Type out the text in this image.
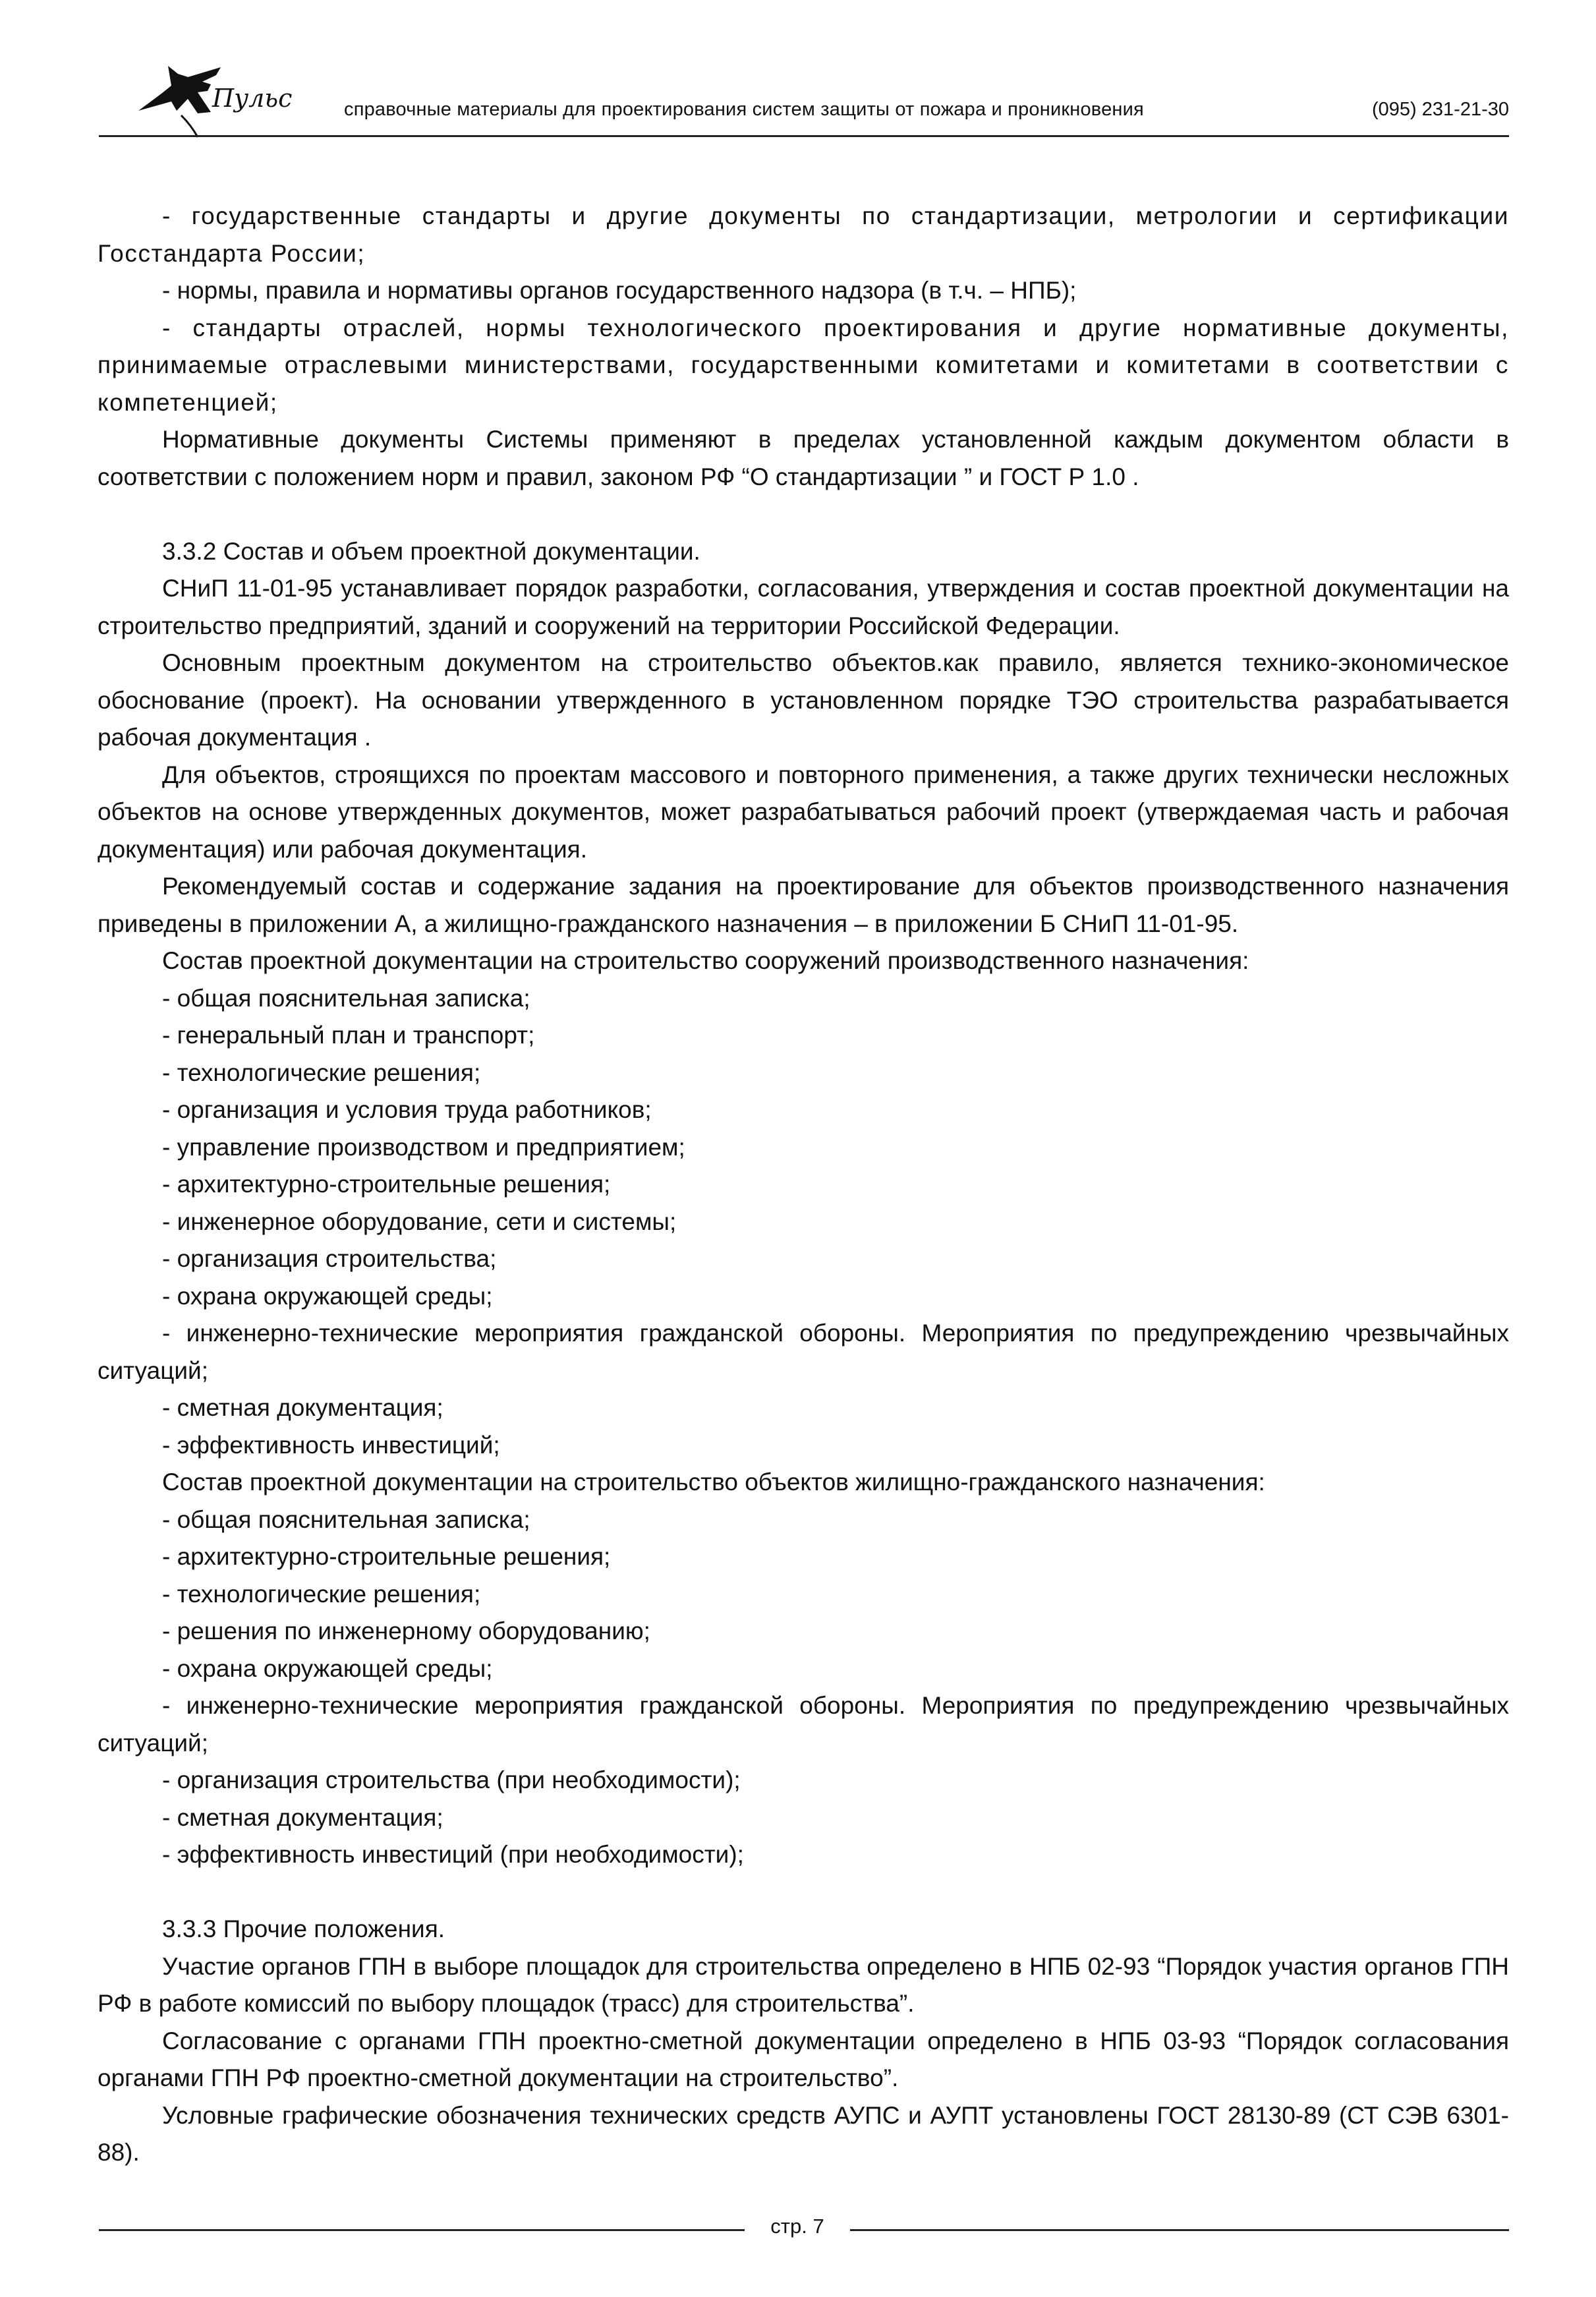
Пульс	справочные материалы для проектирования систем защиты от пожара и проникновения	(095) 231-21-30

- государственные стандарты и другие документы по стандартизации, метрологии и сертификации Госстандарта России;

- нормы, правила и нормативы органов государственного надзора (в т.ч. – НПБ);

- стандарты отраслей, нормы технологического проектирования и другие нормативные документы, принимаемые отраслевыми министерствами, государственными комитетами и комитетами в соответствии с компетенцией;

Нормативные документы Системы применяют в пределах установленной каждым документом области в соответствии с положением норм и правил, законом РФ “О стандартизации ” и ГОСТ Р 1.0 .

3.3.2 Состав и объем проектной документации.

СНиП 11-01-95 устанавливает порядок разработки, согласования, утверждения и состав проектной документации на строительство предприятий, зданий и сооружений на территории Российской Федерации.

Основным проектным документом на строительство объектов.как правило, является технико-экономическое обоснование (проект). На основании утвержденного в установленном порядке ТЭО строительства разрабатывается рабочая документация .

Для объектов, строящихся по проектам массового и повторного применения, а также других технически несложных объектов на основе утвержденных документов, может разрабатываться рабочий проект (утверждаемая часть и рабочая документация) или рабочая документация.

Рекомендуемый состав и содержание задания на проектирование для объектов производственного назначения приведены в приложении А, а жилищно-гражданского назначения – в приложении Б СНиП 11-01-95.

Состав проектной документации на строительство сооружений производственного назначения:

- общая пояснительная записка;

- генеральный план и транспорт;

- технологические решения;

- организация и условия труда работников;

- управление производством и предприятием;

- архитектурно-строительные решения;

- инженерное оборудование, сети и системы;

- организация строительства;

- охрана окружающей среды;

- инженерно-технические мероприятия гражданской обороны. Мероприятия по предупреждению чрезвычайных ситуаций;

- сметная документация;

- эффективность инвестиций;

Состав проектной документации на строительство объектов жилищно-гражданского назначения:

- общая пояснительная записка;

- архитектурно-строительные решения;

- технологические решения;

- решения по инженерному оборудованию;

- охрана окружающей среды;

- инженерно-технические мероприятия гражданской обороны. Мероприятия по предупреждению чрезвычайных ситуаций;

- организация строительства (при необходимости);

- сметная документация;

- эффективность инвестиций (при необходимости);

3.3.3 Прочие положения.

Участие органов ГПН в выборе площадок для строительства определено в НПБ 02-93 “Порядок участия органов ГПН РФ в работе комиссий по выбору площадок (трасс) для строительства”.

Согласование с органами ГПН проектно-сметной документации определено в НПБ 03-93 “Порядок согласования органами ГПН РФ проектно-сметной документации на строительство”.

Условные графические обозначения технических средств АУПС и АУПТ установлены ГОСТ 28130-89 (СТ СЭВ 6301-88).

стр. 7
